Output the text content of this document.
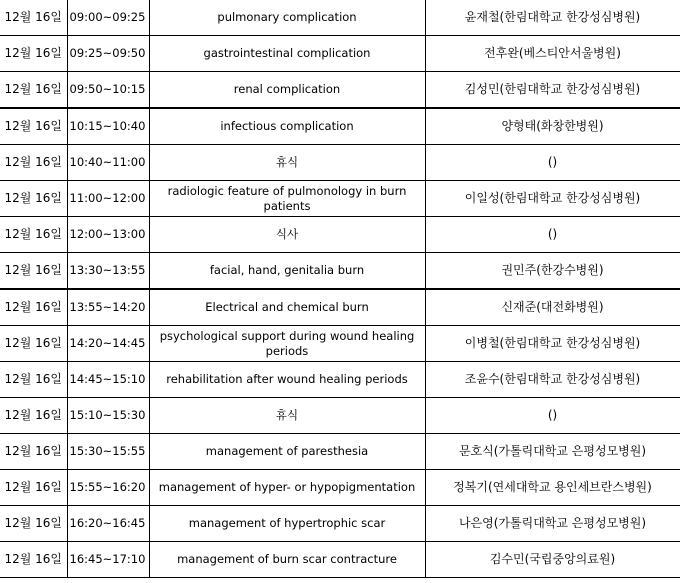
12월 16일	09:00~09:25	pulmonary complication	윤재철(한림대학교 한강성심병원)
12월 16일	09:25~09:50	gastrointestinal complication	전후완(베스티안서울병원)
12월 16일	09:50~10:15	renal complication	김성민(한림대학교 한강성심병원)
12월 16일	10:15~10:40	infectious complication	양형태(화창한병원)
12월 16일	10:40~11:00	휴식	()
12월 16일	11:00~12:00	radiologic feature of pulmonology in burn patients	이일성(한림대학교 한강성심병원)
12월 16일	12:00~13:00	식사	()
12월 16일	13:30~13:55	facial, hand, genitalia burn	권민주(한강수병원)
12월 16일	13:55~14:20	Electrical and chemical burn	신재준(대전화병원)
12월 16일	14:20~14:45	psychological support during wound healing periods	이병철(한림대학교 한강성심병원)
12월 16일	14:45~15:10	rehabilitation after wound healing periods	조윤수(한림대학교 한강성심병원)
12월 16일	15:10~15:30	휴식	()
12월 16일	15:30~15:55	management of paresthesia	문호식(가톨릭대학교 은평성모병원)
12월 16일	15:55~16:20	management of hyper- or hypopigmentation	정복기(연세대학교 용인세브란스병원)
12월 16일	16:20~16:45	management of hypertrophic scar	나은영(가톨릭대학교 은평성모병원)
12월 16일	16:45~17:10	management of burn scar contracture	김수민(국립중앙의료원)
